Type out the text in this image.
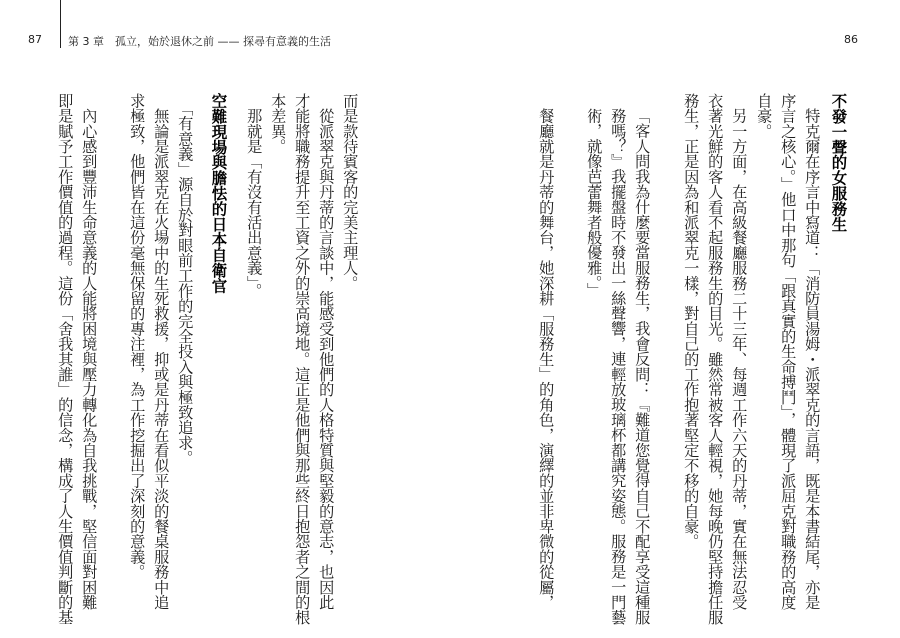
87 第 3 章　孤立，始於退休之前 —— 探尋有意義的生活	86
不發一聲的女服務生
　特克爾在序言中寫道：「消防員湯姆・派翠克的言語，既是本書結尾，亦是
序言之核心。」他口中那句「跟真實的生命搏鬥」，體現了派屈克對職務的高度
自豪。
　另一方面，在高級餐廳服務二十三年、每週工作六天的丹蒂，實在無法忍受
衣著光鮮的客人看不起服務生的目光。雖然常被客人輕視，她每晚仍堅持擔任服
務生，正是因為和派翠克一樣，對自己的工作抱著堅定不移的自豪。
「客人問我為什麼要當服務生，我會反問：『難道您覺得自己不配享受這種服
務嗎？』我擺盤時不發出一絲聲響，連輕放玻璃杯都講究姿態。服務是一門藝
術，就像芭蕾舞者般優雅。」
　餐廳就是丹蒂的舞台，她深耕「服務生」的角色，演繹的並非卑微的從屬，
而是款待賓客的完美主理人。
　從派翠克與丹蒂的言談中，能感受到他們的人格特質與堅毅的意志，也因此
才能將職務提升至工資之外的崇高境地。這正是他們與那些終日抱怨者之間的根
本差異。
　那就是「有沒有活出意義」。
空難現場與膽怯的日本自衛官
　「有意義」源自於對眼前工作的完全投入與極致追求。
　無論是派翠克在火場中的生死救援，抑或是丹蒂在看似平淡的餐桌服務中追
求極致，他們皆在這份毫無保留的專注裡，為工作挖掘出了深刻的意義。
　內心感到豐沛生命意義的人能將困境與壓力轉化為自我挑戰，堅信面對困難
即是賦予工作價值的過程。這份「舍我其誰」的信念，構成了人生價值判斷的基
